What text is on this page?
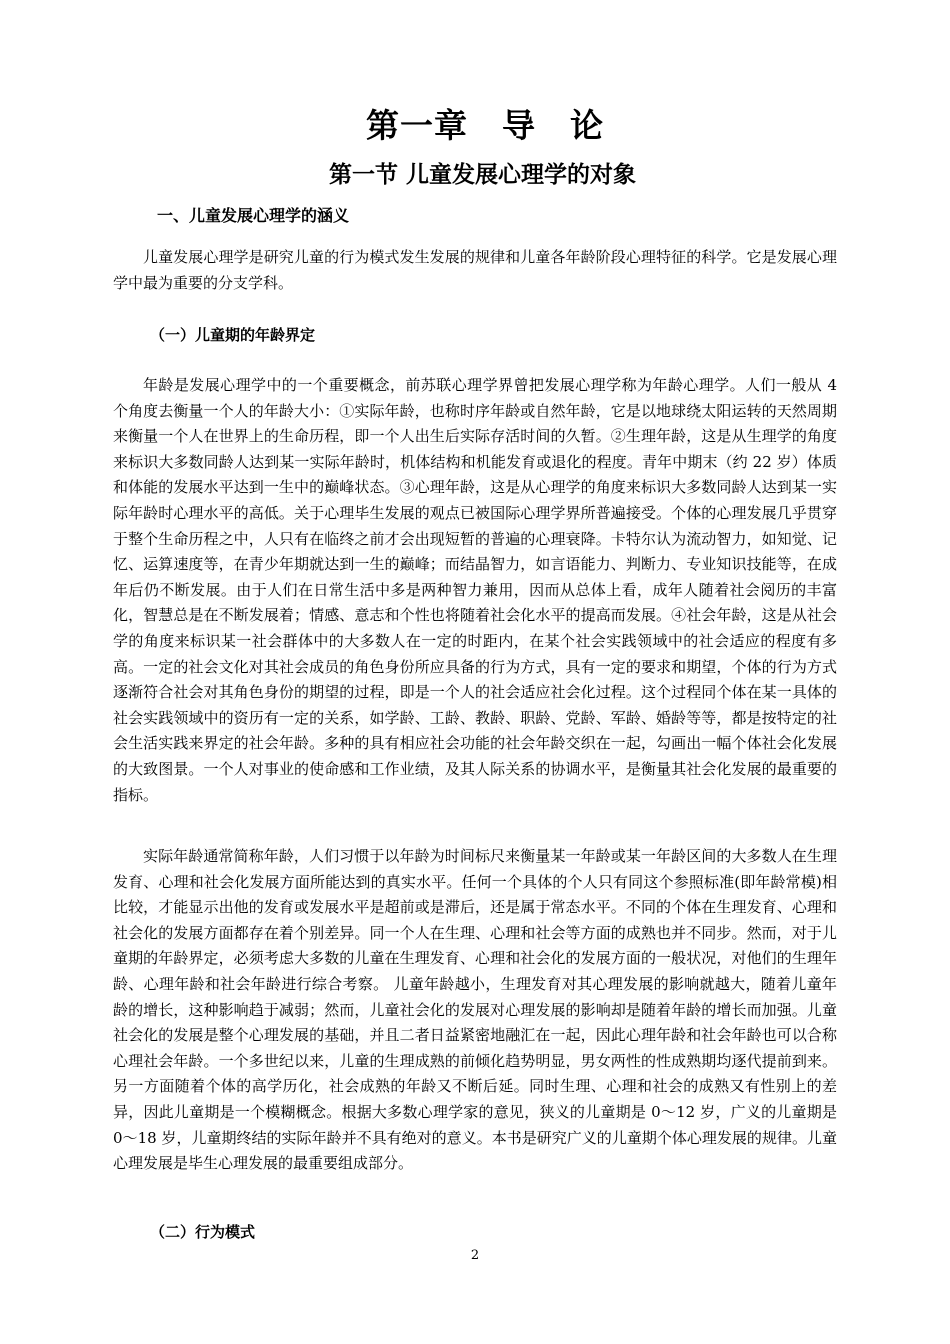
第一章　导　论
第一节 儿童发展心理学的对象
一、儿童发展心理学的涵义

儿童发展心理学是研究儿童的行为模式发生发展的规律和儿童各年龄阶段心理特征的科学。它是发展心理学中最为重要的分支学科。

（一）儿童期的年龄界定

年龄是发展心理学中的一个重要概念，前苏联心理学界曾把发展心理学称为年龄心理学。人们一般从 4 个角度去衡量一个人的年龄大小：①实际年龄，也称时序年龄或自然年龄，它是以地球绕太阳运转的天然周期来衡量一个人在世界上的生命历程，即一个人出生后实际存活时间的久暂。②生理年龄，这是从生理学的角度来标识大多数同龄人达到某一实际年龄时，机体结构和机能发育或退化的程度。青年中期末（约 22 岁）体质和体能的发展水平达到一生中的巅峰状态。③心理年龄，这是从心理学的角度来标识大多数同龄人达到某一实际年龄时心理水平的高低。关于心理毕生发展的观点已被国际心理学界所普遍接受。个体的心理发展几乎贯穿于整个生命历程之中，人只有在临终之前才会出现短暂的普遍的心理衰降。卡特尔认为流动智力，如知觉、记忆、运算速度等，在青少年期就达到一生的巅峰；而结晶智力，如言语能力、判断力、专业知识技能等，在成年后仍不断发展。由于人们在日常生活中多是两种智力兼用，因而从总体上看，成年人随着社会阅历的丰富化，智慧总是在不断发展着；情感、意志和个性也将随着社会化水平的提高而发展。④社会年龄，这是从社会学的角度来标识某一社会群体中的大多数人在一定的时距内，在某个社会实践领域中的社会适应的程度有多高。一定的社会文化对其社会成员的角色身份所应具备的行为方式，具有一定的要求和期望，个体的行为方式逐渐符合社会对其角色身份的期望的过程，即是一个人的社会适应社会化过程。这个过程同个体在某一具体的社会实践领域中的资历有一定的关系，如学龄、工龄、教龄、职龄、党龄、军龄、婚龄等等，都是按特定的社会生活实践来界定的社会年龄。多种的具有相应社会功能的社会年龄交织在一起，勾画出一幅个体社会化发展的大致图景。一个人对事业的使命感和工作业绩，及其人际关系的协调水平，是衡量其社会化发展的最重要的指标。

实际年龄通常简称年龄，人们习惯于以年龄为时间标尺来衡量某一年龄或某一年龄区间的大多数人在生理发育、心理和社会化发展方面所能达到的真实水平。任何一个具体的个人只有同这个参照标准(即年龄常模)相比较，才能显示出他的发育或发展水平是超前或是滞后，还是属于常态水平。不同的个体在生理发育、心理和社会化的发展方面都存在着个别差异。同一个人在生理、心理和社会等方面的成熟也并不同步。然而，对于儿童期的年龄界定，必须考虑大多数的儿童在生理发育、心理和社会化的发展方面的一般状况，对他们的生理年龄、心理年龄和社会年龄进行综合考察。 儿童年龄越小，生理发育对其心理发展的影响就越大，随着儿童年龄的增长，这种影响趋于减弱；然而，儿童社会化的发展对心理发展的影响却是随着年龄的增长而加强。儿童社会化的发展是整个心理发展的基础，并且二者日益紧密地融汇在一起，因此心理年龄和社会年龄也可以合称心理社会年龄。一个多世纪以来，儿童的生理成熟的前倾化趋势明显，男女两性的性成熟期均逐代提前到来。另一方面随着个体的高学历化，社会成熟的年龄又不断后延。同时生理、心理和社会的成熟又有性别上的差异，因此儿童期是一个模糊概念。根据大多数心理学家的意见，狭义的儿童期是 0～12 岁，广义的儿童期是 0～18 岁，儿童期终结的实际年龄并不具有绝对的意义。本书是研究广义的儿童期个体心理发展的规律。儿童心理发展是毕生心理发展的最重要组成部分。

（二）行为模式
2
